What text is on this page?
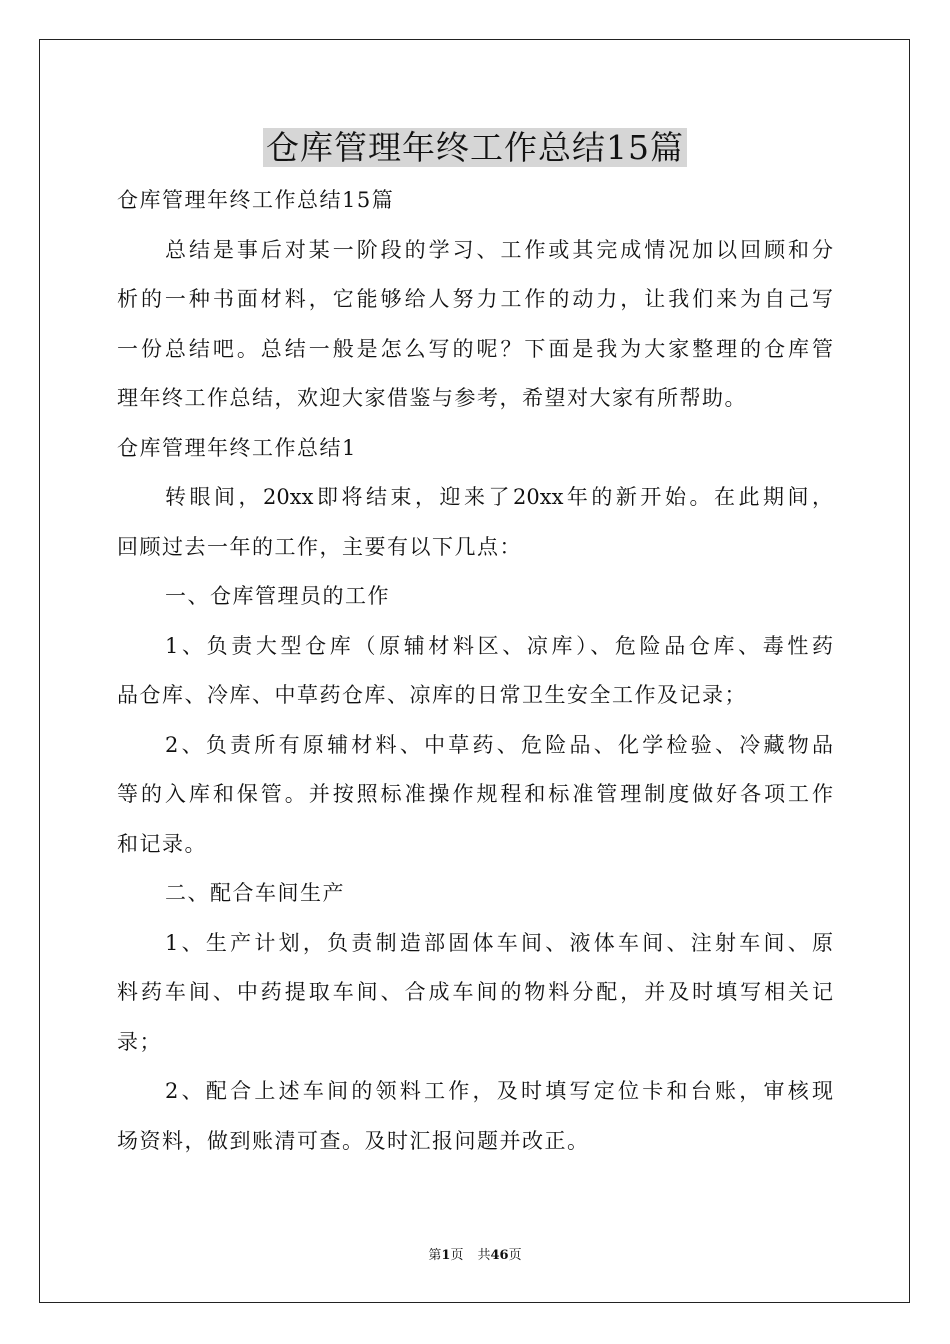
仓库管理年终工作总结15篇
仓库管理年终工作总结15篇
总结是事后对某一阶段的学习、工作或其完成情况加以回顾和分
析的一种书面材料，它能够给人努力工作的动力，让我们来为自己写
一份总结吧。总结一般是怎么写的呢？下面是我为大家整理的仓库管
理年终工作总结，欢迎大家借鉴与参考，希望对大家有所帮助。
仓库管理年终工作总结1
转眼间，20xx即将结束，迎来了20xx年的新开始。在此期间，
回顾过去一年的工作，主要有以下几点：
一、仓库管理员的工作
1、负责大型仓库（原辅材料区、凉库）、危险品仓库、毒性药
品仓库、冷库、中草药仓库、凉库的日常卫生安全工作及记录；
2、负责所有原辅材料、中草药、危险品、化学检验、冷藏物品
等的入库和保管。并按照标准操作规程和标准管理制度做好各项工作
和记录。
二、配合车间生产
1、生产计划，负责制造部固体车间、液体车间、注射车间、原
料药车间、中药提取车间、合成车间的物料分配，并及时填写相关记
录；
2、配合上述车间的领料工作，及时填写定位卡和台账，审核现
场资料，做到账清可查。及时汇报问题并改正。
第1页 共46页
